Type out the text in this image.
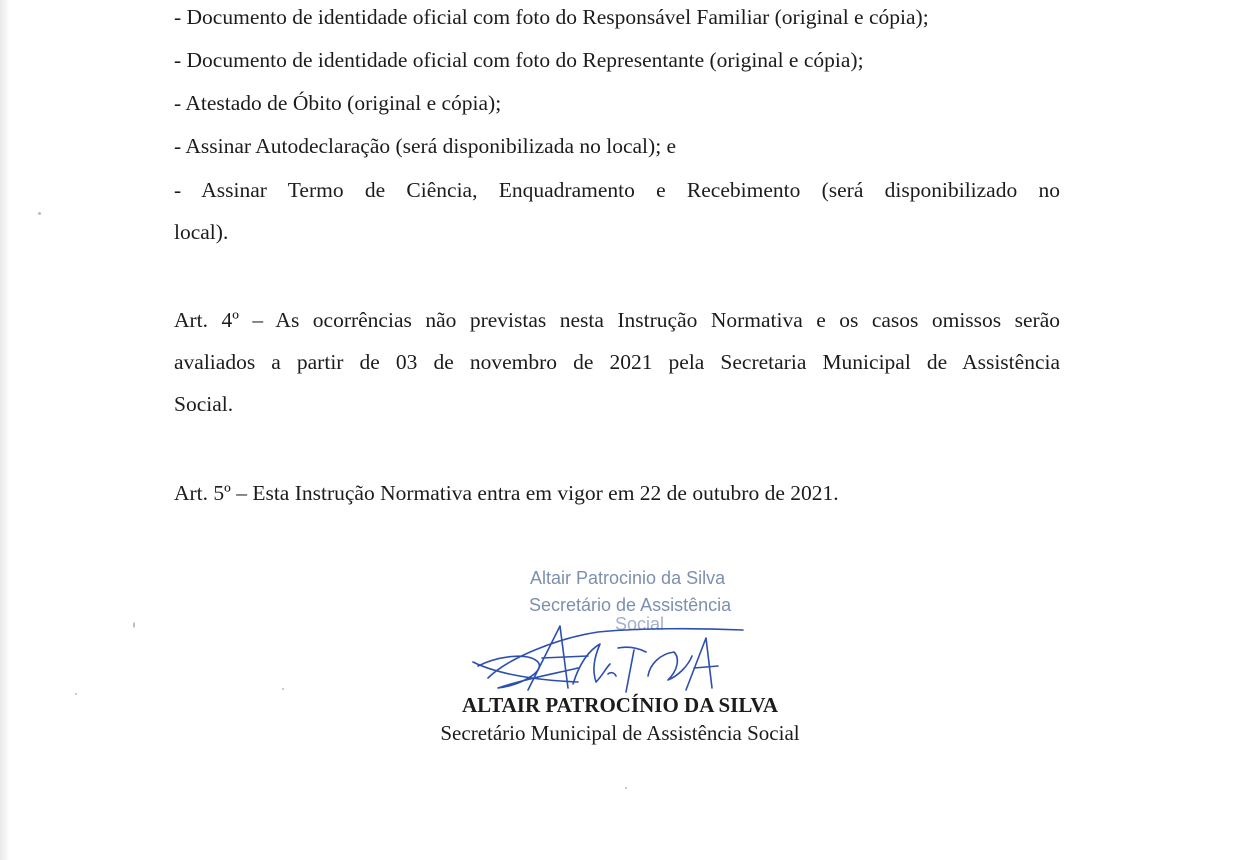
- Documento de identidade oficial com foto do Responsável Familiar (original e cópia);
- Documento de identidade oficial com foto do Representante (original e cópia);
- Atestado de Óbito (original e cópia);
- Assinar Autodeclaração (será disponibilizada no local); e
- Assinar Termo de Ciência, Enquadramento e Recebimento (será disponibilizado no
local).
Art. 4º – As ocorrências não previstas nesta Instrução Normativa e os casos omissos serão
avaliados a partir de 03 de novembro de 2021 pela Secretaria Municipal de Assistência
Social.
Art. 5º – Esta Instrução Normativa entra em vigor em 22 de outubro de 2021.
Altair Patrocinio da Silva
Secretário de Assistência
Social
ALTAIR PATROCÍNIO DA SILVA
Secretário Municipal de Assistência Social
